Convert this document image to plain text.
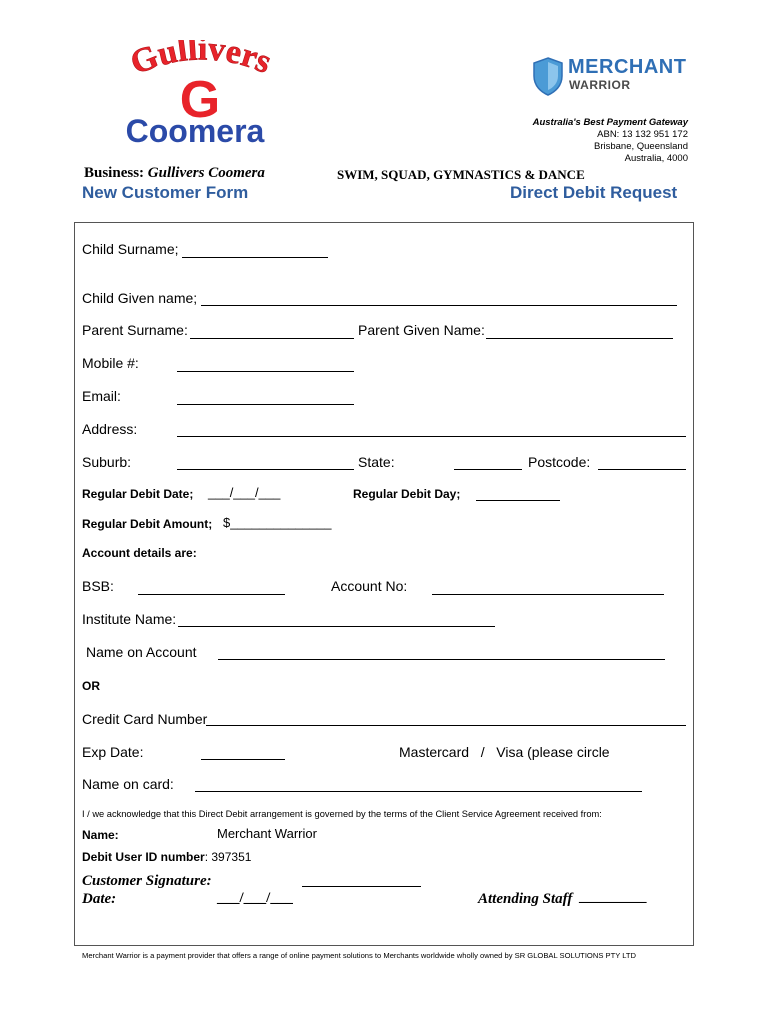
Gullivers
G
Coomera
MERCHANT
WARRIOR
Australia's Best Payment Gateway
ABN: 13 132 951 172
Brisbane, Queensland
Australia, 4000
Business: Gullivers Coomera	SWIM, SQUAD, GYMNASTICS & DANCE
New Customer Form	Direct Debit Request
Child Surname;
Child Given name;
Parent Surname:	Parent Given Name:
Mobile #:
Email:
Address:
Suburb:	State:	Postcode:
Regular Debit Date; ___/___/___	Regular Debit Day;
Regular Debit Amount; $______________
Account details are:
BSB:	Account No:
Institute Name:
Name on Account
OR
Credit Card Number
Exp Date:	Mastercard   /   Visa (please circle
Name on card:
I / we acknowledge that this Direct Debit arrangement is governed by the terms of the Client Service Agreement received from:
Name:	Merchant Warrior
Debit User ID number: 397351
Customer Signature:
Date:	___/___/___	Attending Staff _________
Merchant Warrior is a payment provider that offers a range of online payment solutions to Merchants worldwide wholly owned by SR GLOBAL SOLUTIONS PTY LTD
